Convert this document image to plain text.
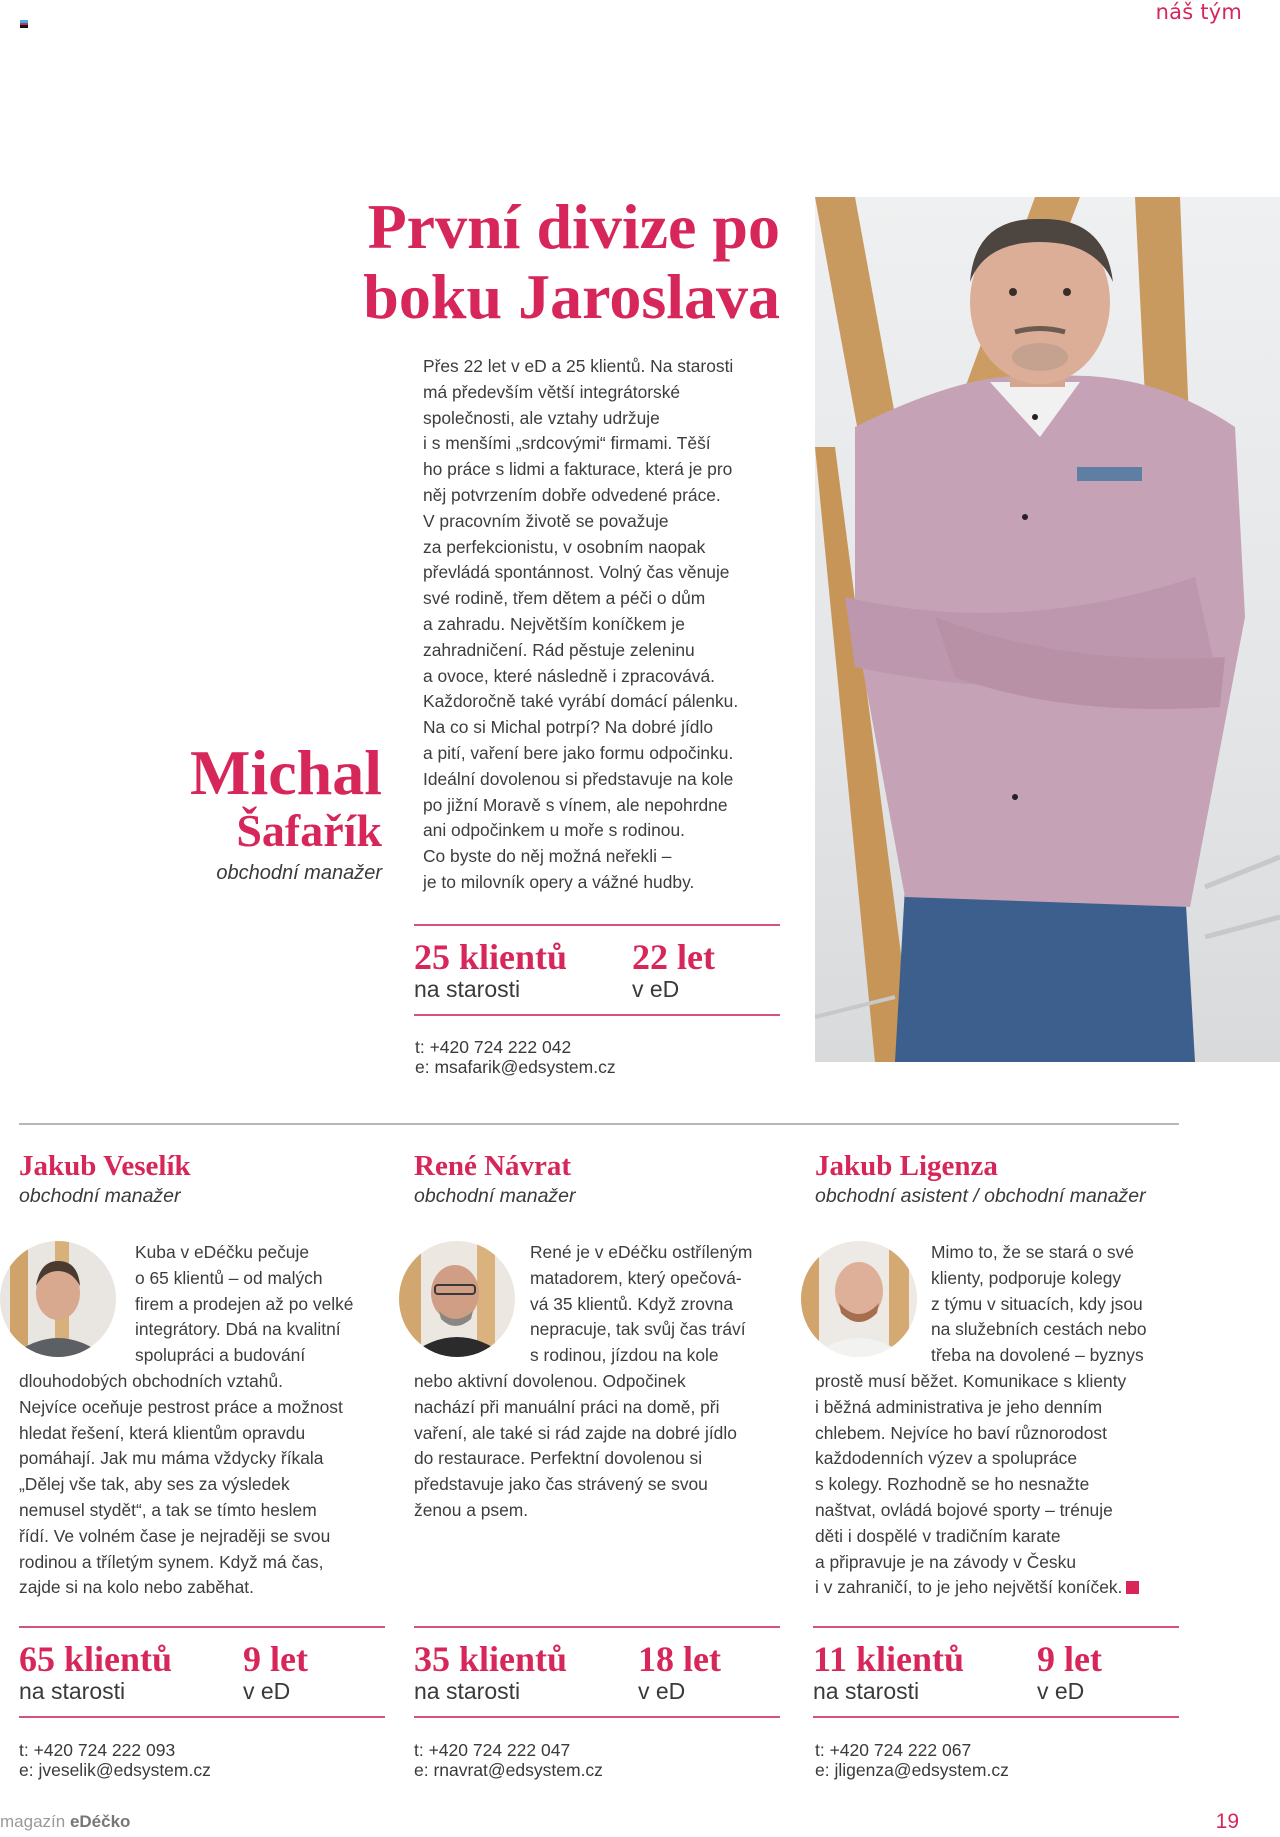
náš tým
První divize po
boku Jaroslava
Michal
Šafařík
obchodní manažer

Přes 22 let v eD a 25 klientů. Na starosti

má především větší integrátorské

společnosti, ale vztahy udržuje

i s menšími „srdcovými“ firmami. Těší

ho práce s lidmi a fakturace, která je pro

něj potvrzením dobře odvedené práce.

V pracovním životě se považuje

za perfekcionistu, v osobním naopak

převládá spontánnost. Volný čas věnuje

své rodině, třem dětem a péči o dům

a zahradu. Největším koníčkem je

zahradničení. Rád pěstuje zeleninu

a ovoce, které následně i zpracovává.

Každoročně také vyrábí domácí pálenku.

Na co si Michal potrpí? Na dobré jídlo

a pití, vaření bere jako formu odpočinku.

Ideální dovolenou si představuje na kole

po jižní Moravě s vínem, ale nepohrdne

ani odpočinkem u moře s rodinou.

Co byste do něj možná neřekli –

je to milovník opery a vážné hudby.

25 klientů
na starosti
22 let
v eD
t: +420 724 222 042
e: msafarik@edsystem.cz
Jakub Veselík
obchodní manažer
Kuba v eDéčku pečuje
o 65 klientů – od malých
firem a prodejen až po velké
integrátory. Dbá na kvalitní
spolupráci a budování
dlouhodobých obchodních vztahů.
Nejvíce oceňuje pestrost práce a možnost
hledat řešení, která klientům opravdu
pomáhají. Jak mu máma vždycky říkala
„Dělej vše tak, aby ses za výsledek
nemusel stydět“, a tak se tímto heslem
řídí. Ve volném čase je nejraději se svou
rodinou a tříletým synem. Když má čas,
zajde si na kolo nebo zaběhat.
65 klientů
na starosti
9 let
v eD
t: +420 724 222 093
e: jveselik@edsystem.cz
René Návrat
obchodní manažer
René je v eDéčku ostříleným
matadorem, který opečová-
vá 35 klientů. Když zrovna
nepracuje, tak svůj čas tráví
s rodinou, jízdou na kole
nebo aktivní dovolenou. Odpočinek
nachází při manuální práci na domě, při
vaření, ale také si rád zajde na dobré jídlo
do restaurace. Perfektní dovolenou si
představuje jako čas strávený se svou
ženou a psem.
35 klientů
na starosti
18 let
v eD
t: +420 724 222 047
e: rnavrat@edsystem.cz
Jakub Ligenza
obchodní asistent / obchodní manažer
Mimo to, že se stará o své
klienty, podporuje kolegy
z týmu v situacích, kdy jsou
na služebních cestách nebo
třeba na dovolené – byznys
prostě musí běžet. Komunikace s klienty
i běžná administrativa je jeho denním
chlebem. Nejvíce ho baví různorodost
každodenních výzev a spolupráce
s kolegy. Rozhodně se ho nesnažte
naštvat, ovládá bojové sporty – trénuje
děti i dospělé v tradičním karate
a připravuje je na závody v Česku
i v zahraničí, to je jeho největší koníček.
11 klientů
na starosti
9 let
v eD
t: +420 724 222 067
e: jligenza@edsystem.cz
magazín eDéčko	19
